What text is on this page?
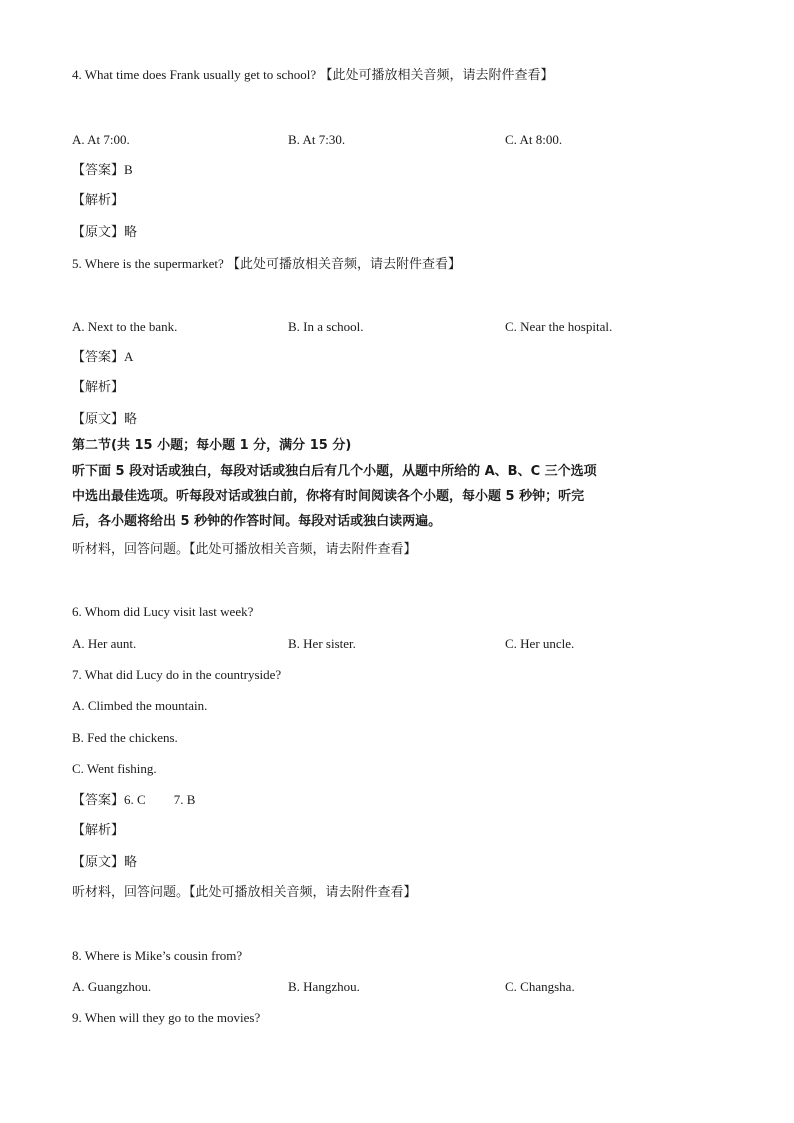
4. What time does Frank usually get to school? 【此处可播放相关音频，请去附件查看】
A. At 7:00.	B. At 7:30.	C. At 8:00.
【答案】B
【解析】
【原文】略
5. Where is the supermarket? 【此处可播放相关音频，请去附件查看】
A. Next to the bank.	B. In a school.	C. Near the hospital.
【答案】A
【解析】
【原文】略
第二节(共 15 小题；每小题 1 分，满分 15 分)
听下面 5 段对话或独白，每段对话或独白后有几个小题，从题中所给的 A、B、C 三个选项
中选出最佳选项。听每段对话或独白前，你将有时间阅读各个小题，每小题 5 秒钟；听完
后，各小题将给出 5 秒钟的作答时间。每段对话或独白读两遍。
听材料，回答问题。【此处可播放相关音频，请去附件查看】
6. Whom did Lucy visit last week?
A. Her aunt.	B. Her sister.	C. Her uncle.
7. What did Lucy do in the countryside?
A. Climbed the mountain.
B. Fed the chickens.
C. Went fishing.
【答案】6. C 7. B
【解析】
【原文】略
听材料，回答问题。【此处可播放相关音频，请去附件查看】
8. Where is Mike’s cousin from?
A. Guangzhou.	B. Hangzhou.	C. Changsha.
9. When will they go to the movies?
